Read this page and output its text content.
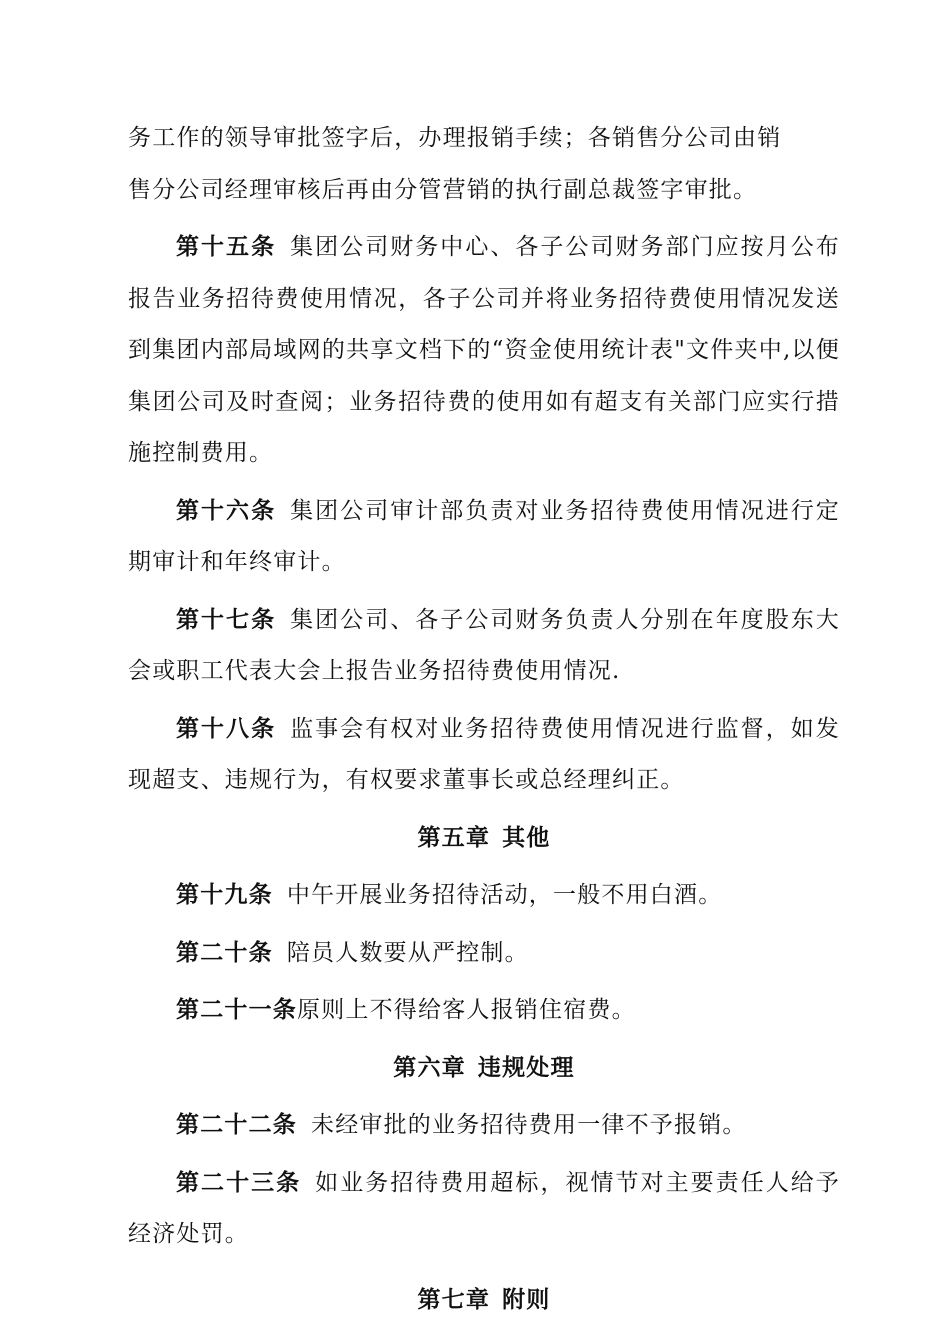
务工作的领导审批签字后，办理报销手续；各销售分公司由销
售分公司经理审核后再由分管营销的执行副总裁签字审批。

第十五条 集团公司财务中心、各子公司财务部门应按月公布报告业务招待费使用情况，各子公司并将业务招待费使用情况发送到集团内部局域网的共享文档下的“资金使用统计表"文件夹中,以便集团公司及时查阅；业务招待费的使用如有超支有关部门应实行措施控制费用。

第十六条 集团公司审计部负责对业务招待费使用情况进行定期审计和年终审计。

第十七条 集团公司、各子公司财务负责人分别在年度股东大会或职工代表大会上报告业务招待费使用情况.

第十八条 监事会有权对业务招待费使用情况进行监督，如发现超支、违规行为，有权要求董事长或总经理纠正。

第五章 其他

第十九条 中午开展业务招待活动，一般不用白酒。

第二十条 陪员人数要从严控制。

第二十一条原则上不得给客人报销住宿费。

第六章 违规处理

第二十二条 未经审批的业务招待费用一律不予报销。

第二十三条 如业务招待费用超标，视情节对主要责任人给予经济处罚。

第七章 附则
